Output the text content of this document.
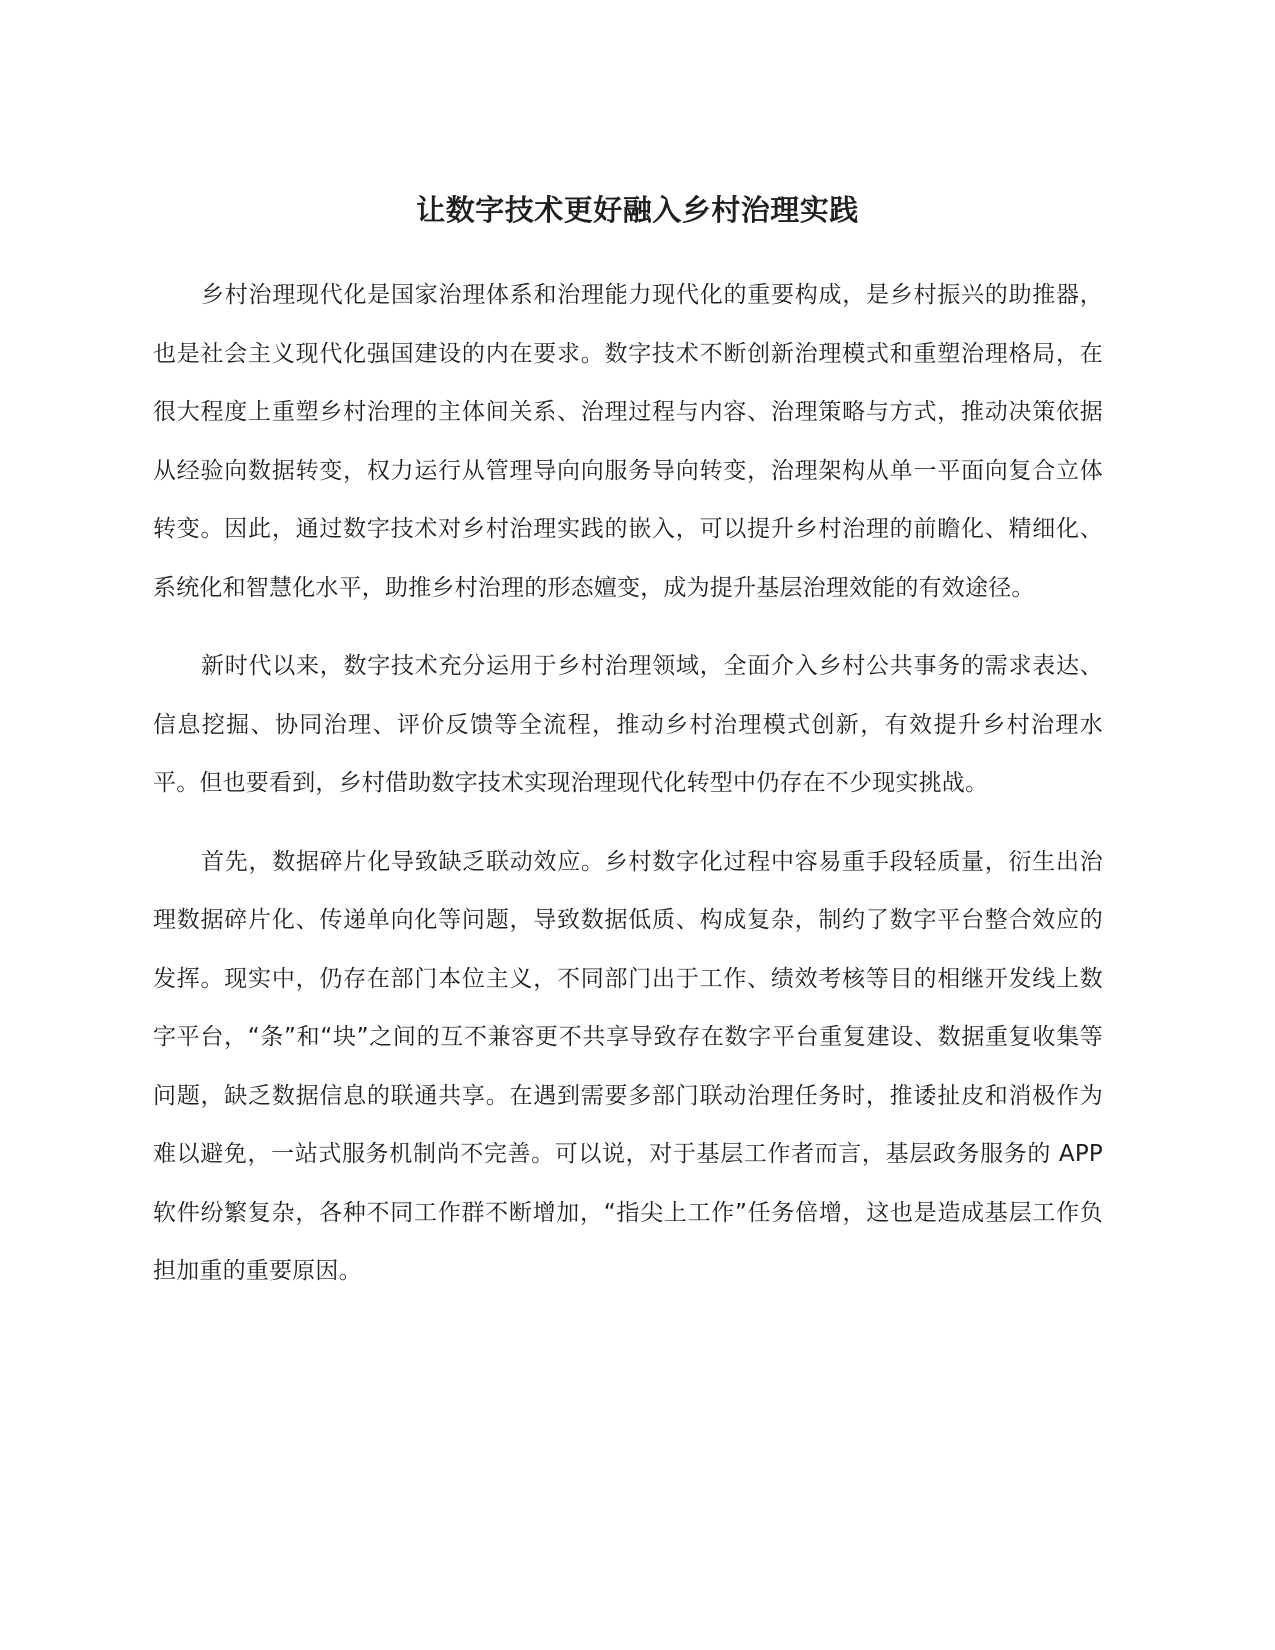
让数字技术更好融入乡村治理实践

乡村治理现代化是国家治理体系和治理能力现代化的重要构成，是乡村振兴的助推器，也是社会主义现代化强国建设的内在要求。数字技术不断创新治理模式和重塑治理格局，在很大程度上重塑乡村治理的主体间关系、治理过程与内容、治理策略与方式，推动决策依据从经验向数据转变，权力运行从管理导向向服务导向转变，治理架构从单一平面向复合立体转变。因此，通过数字技术对乡村治理实践的嵌入，可以提升乡村治理的前瞻化、精细化、系统化和智慧化水平，助推乡村治理的形态嬗变，成为提升基层治理效能的有效途径。

新时代以来，数字技术充分运用于乡村治理领域，全面介入乡村公共事务的需求表达、信息挖掘、协同治理、评价反馈等全流程，推动乡村治理模式创新，有效提升乡村治理水平。但也要看到，乡村借助数字技术实现治理现代化转型中仍存在不少现实挑战。

首先，数据碎片化导致缺乏联动效应。乡村数字化过程中容易重手段轻质量，衍生出治理数据碎片化、传递单向化等问题，导致数据低质、构成复杂，制约了数字平台整合效应的发挥。现实中，仍存在部门本位主义，不同部门出于工作、绩效考核等目的相继开发线上数字平台，“条”和“块”之间的互不兼容更不共享导致存在数字平台重复建设、数据重复收集等问题，缺乏数据信息的联通共享。在遇到需要多部门联动治理任务时，推诿扯皮和消极作为难以避免，一站式服务机制尚不完善。可以说，对于基层工作者而言，基层政务服务的 APP 软件纷繁复杂，各种不同工作群不断增加，“指尖上工作”任务倍增，这也是造成基层工作负担加重的重要原因。
